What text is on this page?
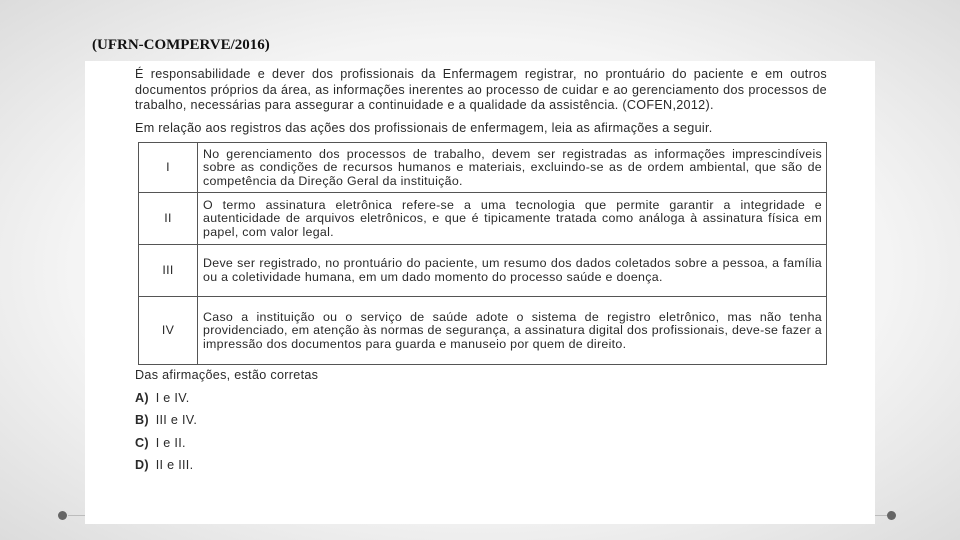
(UFRN-COMPERVE/2016)

É responsabilidade e dever dos profissionais da Enfermagem registrar, no prontuário do paciente e em outros documentos próprios da área, as informações inerentes ao processo de cuidar e ao gerenciamento dos processos de trabalho, necessárias para assegurar a continuidade e a qualidade da assistência. (COFEN,2012).

Em relação aos registros das ações dos profissionais de enfermagem, leia as afirmações a seguir.

I	No gerenciamento dos processos de trabalho, devem ser registradas as informações imprescindíveis sobre as condições de recursos humanos e materiais, excluindo-se as de ordem ambiental, que são de competência da Direção Geral da instituição.
II	O termo assinatura eletrônica refere-se a uma tecnologia que permite garantir a integridade e autenticidade de arquivos eletrônicos, e que é tipicamente tratada como análoga à assinatura física em papel, com valor legal.
III	Deve ser registrado, no prontuário do paciente, um resumo dos dados coletados sobre a pessoa, a família ou a coletividade humana, em um dado momento do processo saúde e doença.
IV	Caso a instituição ou o serviço de saúde adote o sistema de registro eletrônico, mas não tenha providenciado, em atenção às normas de segurança, a assinatura digital dos profissionais, deve-se fazer a impressão dos documentos para guarda e manuseio por quem de direito.
Das afirmações, estão corretas
A) I e IV.
B) III e IV.
C) I e II.
D) II e III.
